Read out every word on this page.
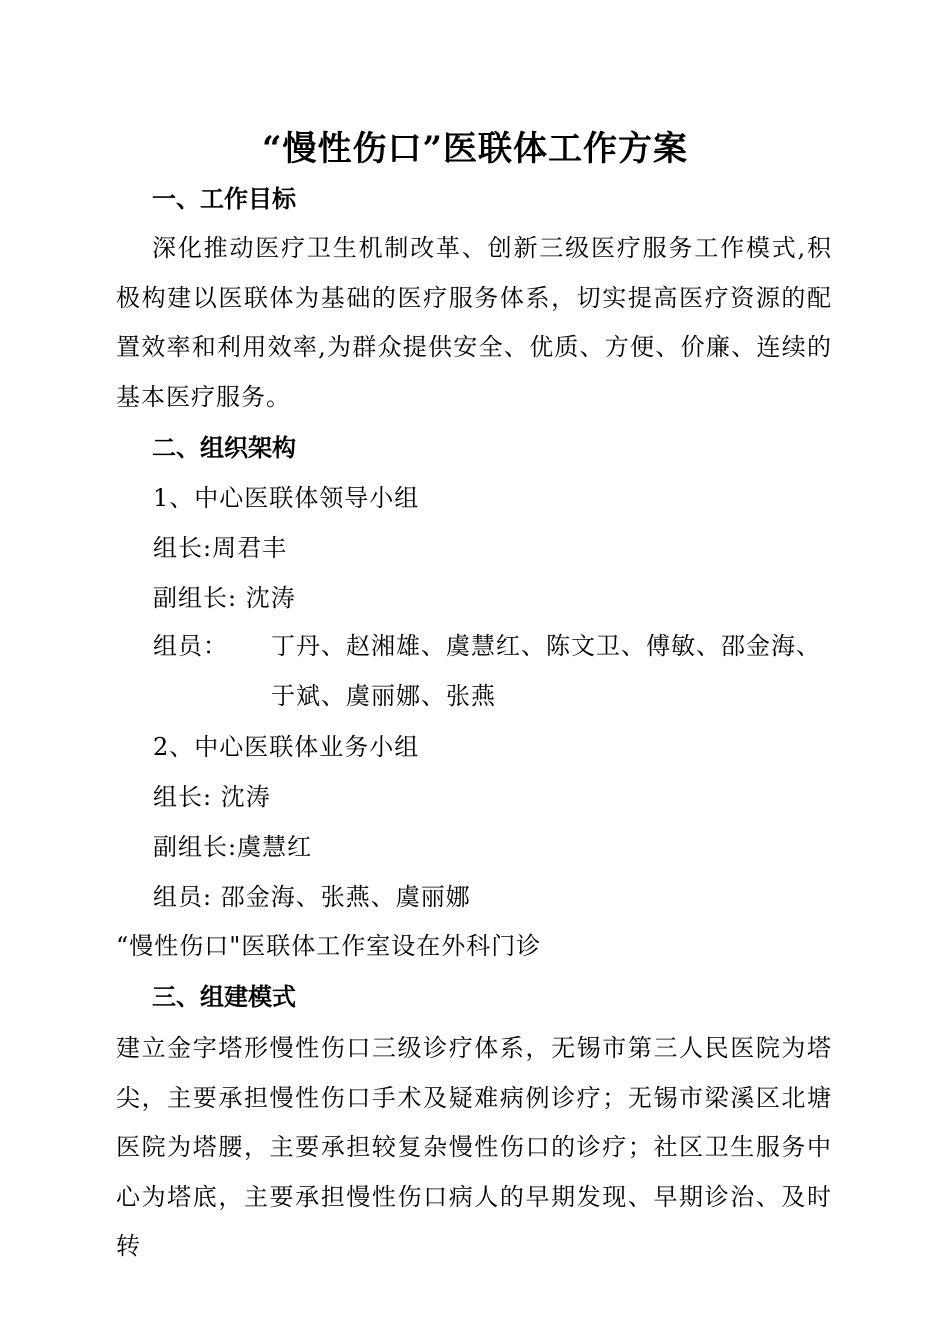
“慢性伤口”医联体工作方案
一、工作目标

深化推动医疗卫生机制改革、创新三级医疗服务工作模式,积极构建以医联体为基础的医疗服务体系，切实提高医疗资源的配置效率和利用效率,为群众提供安全、优质、方便、价廉、连续的基本医疗服务。

二、组织架构
1、中心医联体领导小组
组长:周君丰
副组长: 沈涛
组员：	丁丹、赵湘雄、虞慧红、陈文卫、傅敏、邵金海、于斌、虞丽娜、张燕
2、中心医联体业务小组
组长: 沈涛
副组长:虞慧红
组员: 邵金海、张燕、虞丽娜
“慢性伤口"医联体工作室设在外科门诊
三、组建模式

建立金字塔形慢性伤口三级诊疗体系，无锡市第三人民医院为塔尖，主要承担慢性伤口手术及疑难病例诊疗；无锡市梁溪区北塘医院为塔腰，主要承担较复杂慢性伤口的诊疗；社区卫生服务中心为塔底，主要承担慢性伤口病人的早期发现、早期诊治、及时转
